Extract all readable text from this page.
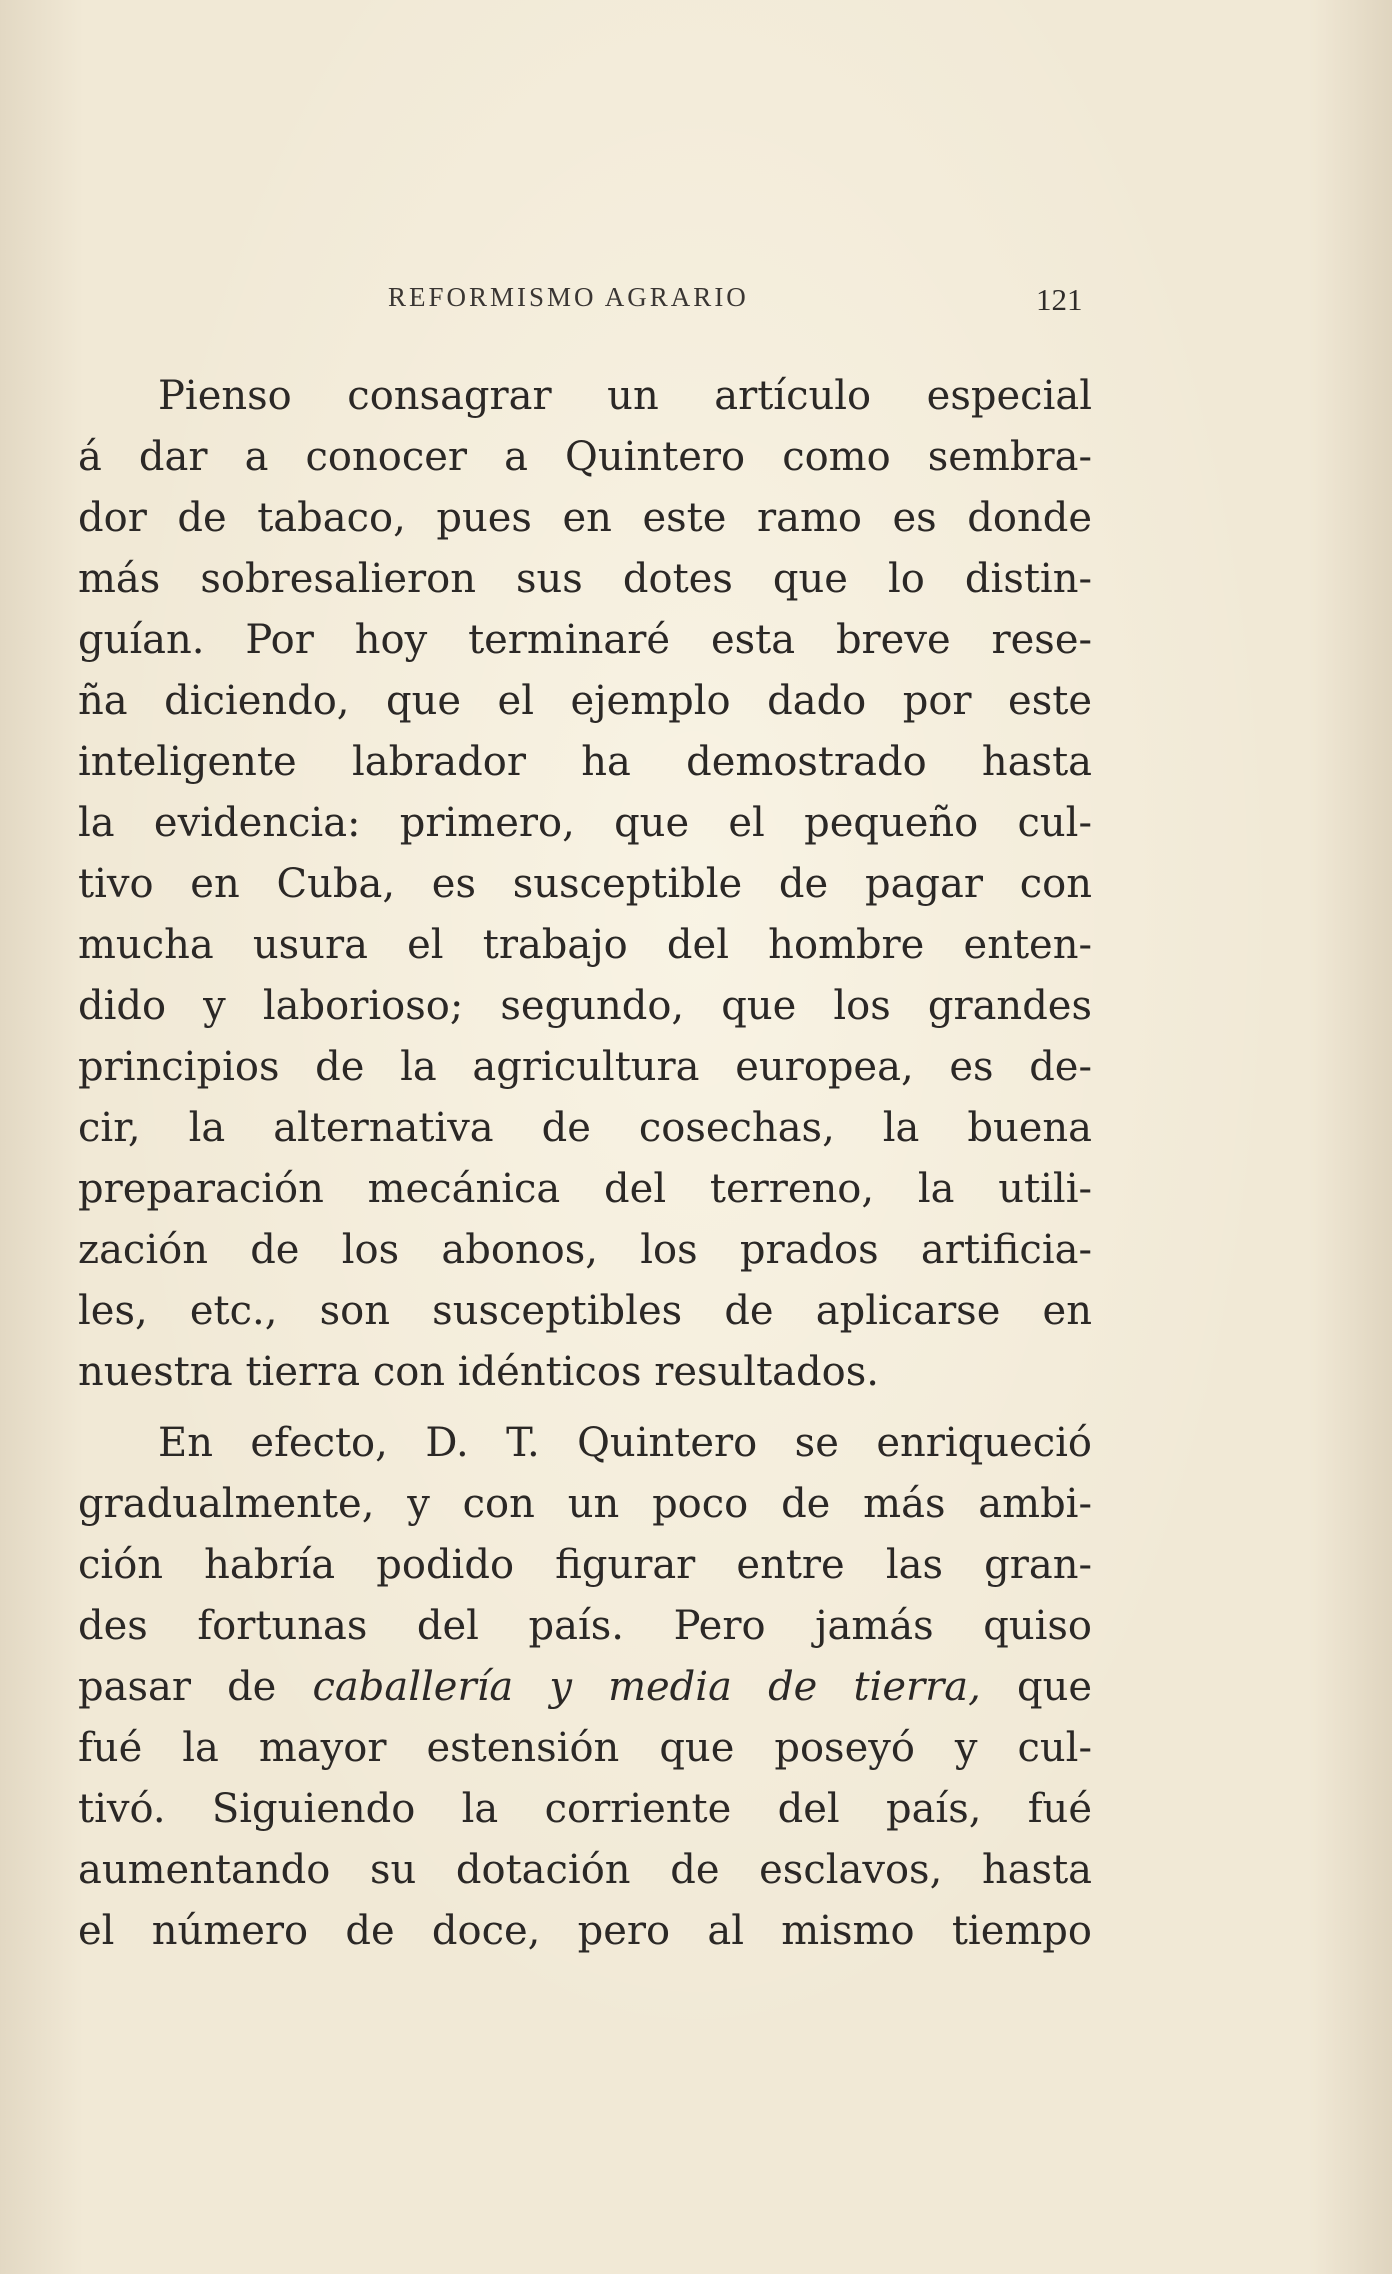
REFORMISMO AGRARIO	121
Pienso consagrar un artículo especial
á dar a conocer a Quintero como sembra-
dor de tabaco, pues en este ramo es donde
más sobresalieron sus dotes que lo distin-
guían. Por hoy terminaré esta breve rese-
ña diciendo, que el ejemplo dado por este
inteligente labrador ha demostrado hasta
la evidencia: primero, que el pequeño cul-
tivo en Cuba, es susceptible de pagar con
mucha usura el trabajo del hombre enten-
dido y laborioso; segundo, que los grandes
principios de la agricultura europea, es de-
cir, la alternativa de cosechas, la buena
preparación mecánica del terreno, la utili-
zación de los abonos, los prados artificia-
les, etc., son susceptibles de aplicarse en
nuestra tierra con idénticos resultados.
En efecto, D. T. Quintero se enriqueció
gradualmente, y con un poco de más ambi-
ción habría podido figurar entre las gran-
des fortunas del país. Pero jamás quiso
pasar de caballería y media de tierra, que
fué la mayor estensión que poseyó y cul-
tivó. Siguiendo la corriente del país, fué
aumentando su dotación de esclavos, hasta
el número de doce, pero al mismo tiempo
